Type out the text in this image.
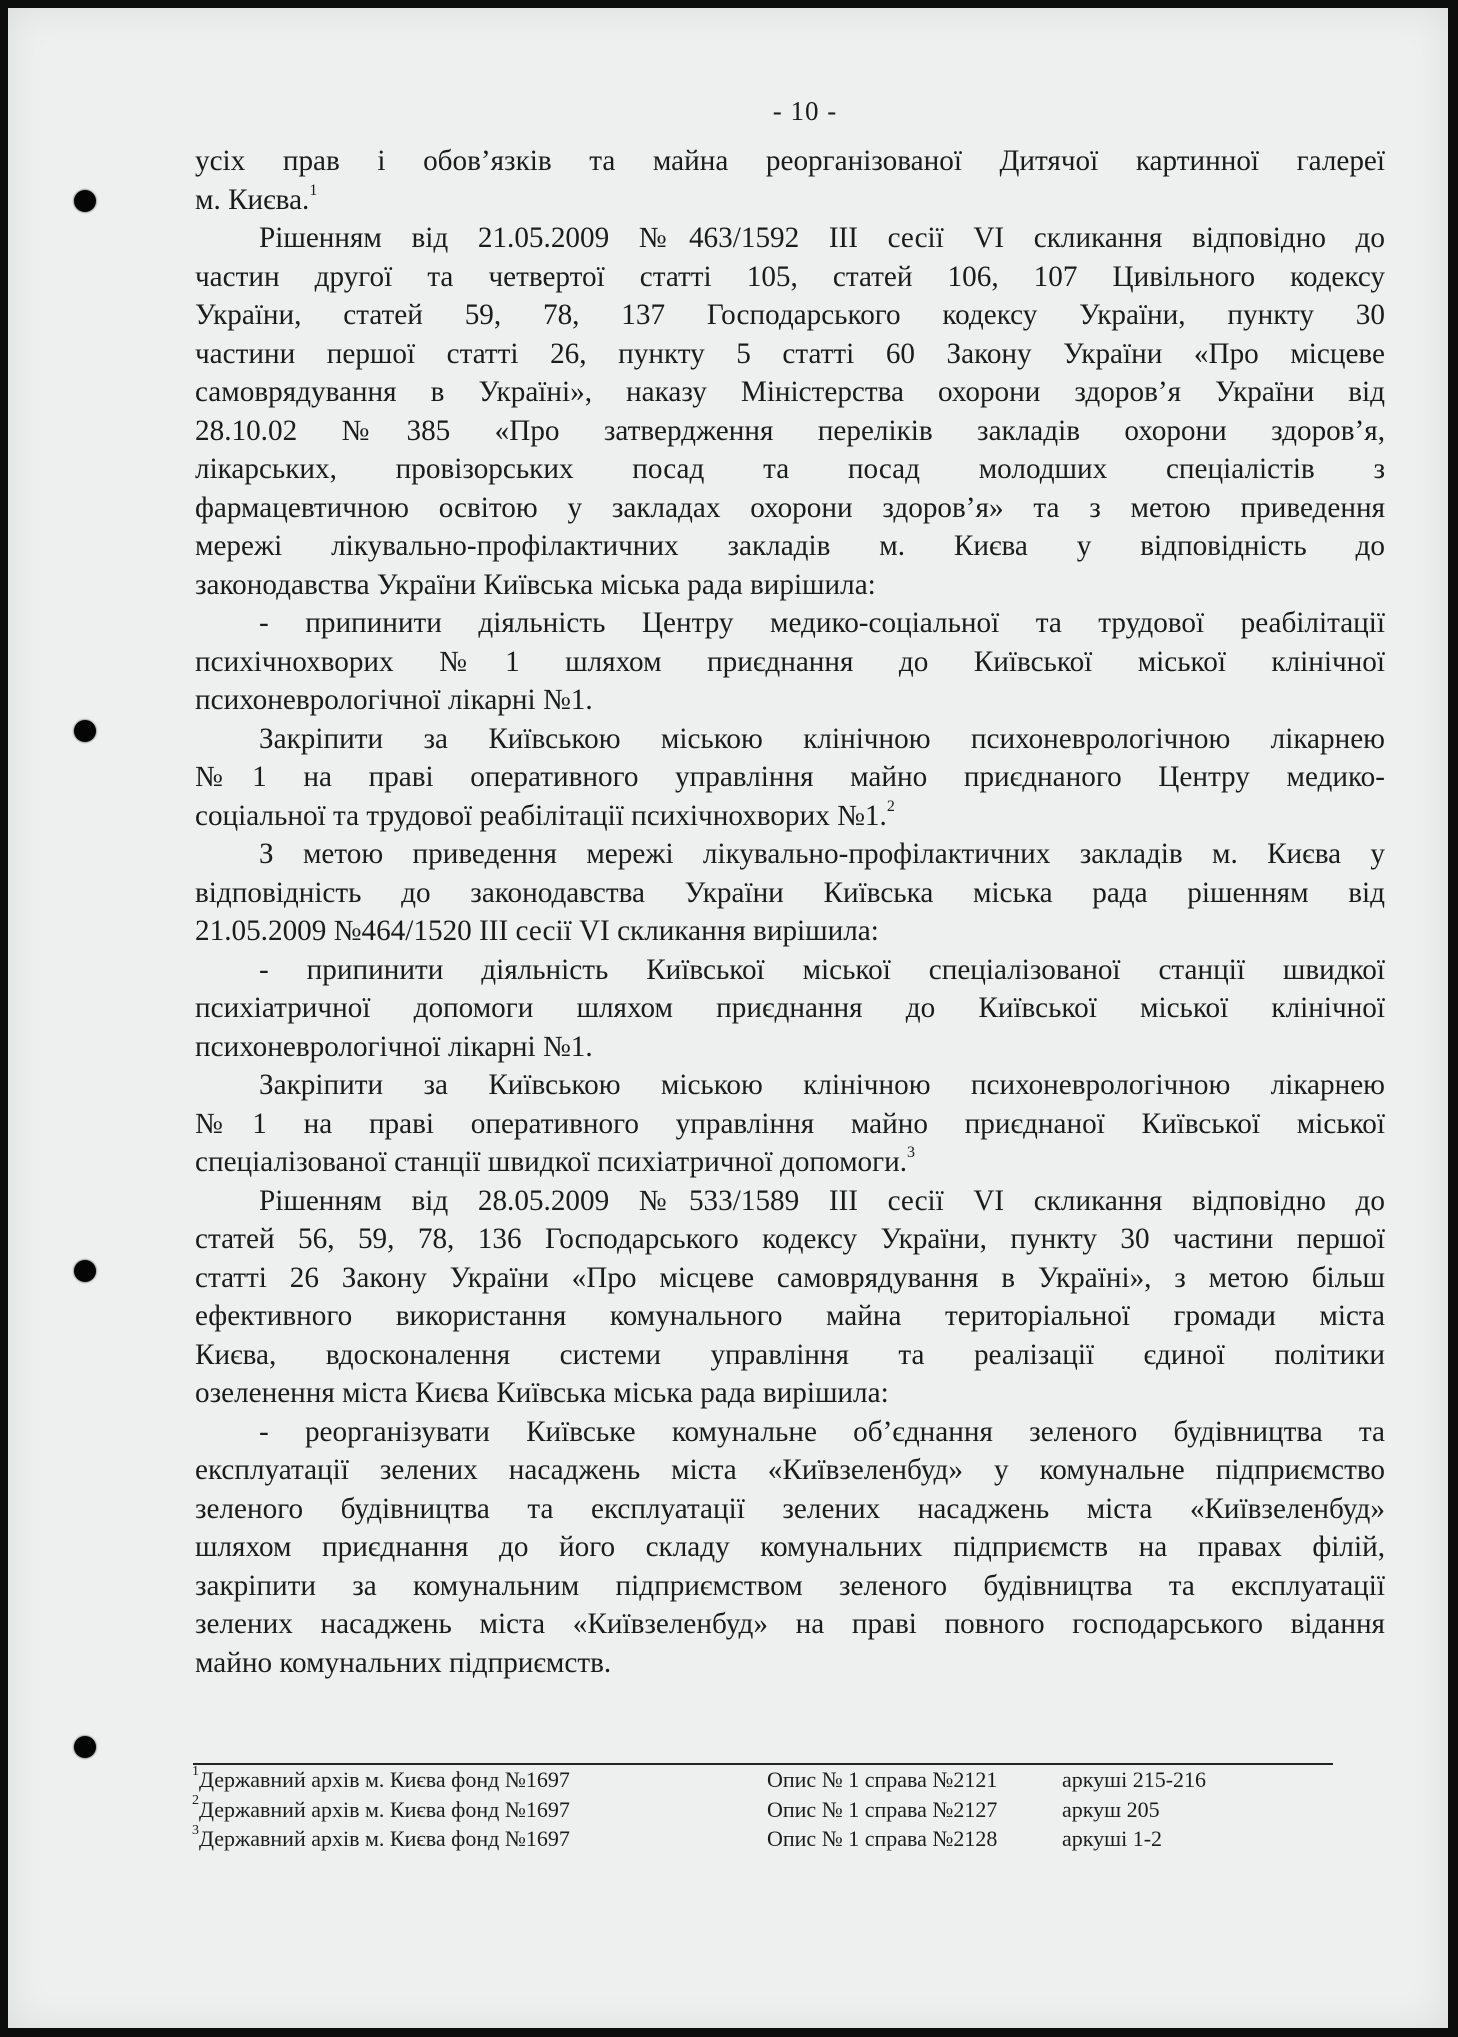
- 10 -
усіх прав і обов’язків та майна реорганізованої Дитячої картинної галереї
м. Києва.$^1$
Рішенням від 21.05.2009 №463/1592 III сесії VI скликання відповідно до
частин другої та четвертої статті 105, статей 106, 107 Цивільного кодексу
України, статей 59, 78, 137 Господарського кодексу України, пункту 30
частини першої статті 26, пункту 5 статті 60 Закону України «Про місцеве
самоврядування в Україні», наказу Міністерства охорони здоров’я України від
28.10.02 №385 «Про затвердження переліків закладів охорони здоров’я,
лікарських, провізорських посад та посад молодших спеціалістів з
фармацевтичною освітою у закладах охорони здоров’я» та з метою приведення
мережі лікувально-профілактичних закладів м. Києва у відповідність до
законодавства України Київська міська рада вирішила:
- припинити діяльність Центру медико-соціальної та трудової реабілітації
психічнохворих №1 шляхом приєднання до Київської міської клінічної
психоневрологічної лікарні №1.
Закріпити за Київською міською клінічною психоневрологічною лікарнею
№1 на праві оперативного управління майно приєднаного Центру медико-
соціальної та трудової реабілітації психічнохворих №1.$^2$
З метою приведення мережі лікувально-профілактичних закладів м. Києва у
відповідність до законодавства України Київська міська рада рішенням від
21.05.2009 №464/1520 III сесії VI скликання вирішила:
- припинити діяльність Київської міської спеціалізованої станції швидкої
психіатричної допомоги шляхом приєднання до Київської міської клінічної
психоневрологічної лікарні №1.
Закріпити за Київською міською клінічною психоневрологічною лікарнею
№1 на праві оперативного управління майно приєднаної Київської міської
спеціалізованої станції швидкої психіатричної допомоги.$^3$
Рішенням від 28.05.2009 №533/1589 III сесії VI скликання відповідно до
статей 56, 59, 78, 136 Господарського кодексу України, пункту 30 частини першої
статті 26 Закону України «Про місцеве самоврядування в Україні», з метою більш
ефективного використання комунального майна територіальної громади міста
Києва, вдосконалення системи управління та реалізації єдиної політики
озеленення міста Києва Київська міська рада вирішила:
- реорганізувати Київське комунальне об’єднання зеленого будівництва та
експлуатації зелених насаджень міста «Київзеленбуд» у комунальне підприємство
зеленого будівництва та експлуатації зелених насаджень міста «Київзеленбуд»
шляхом приєднання до його складу комунальних підприємств на правах філій,
закріпити за комунальним підприємством зеленого будівництва та експлуатації
зелених насаджень міста «Київзеленбуд» на праві повного господарського відання
майно комунальних підприємств.
$^1$Державний архів м. Києва фонд №1697	Опис № 1 справа №2121	аркуші 215-216
$^2$Державний архів м. Києва фонд №1697	Опис № 1 справа №2127	аркуш 205
$^3$Державний архів м. Києва фонд №1697	Опис № 1 справа №2128	аркуші 1-2
